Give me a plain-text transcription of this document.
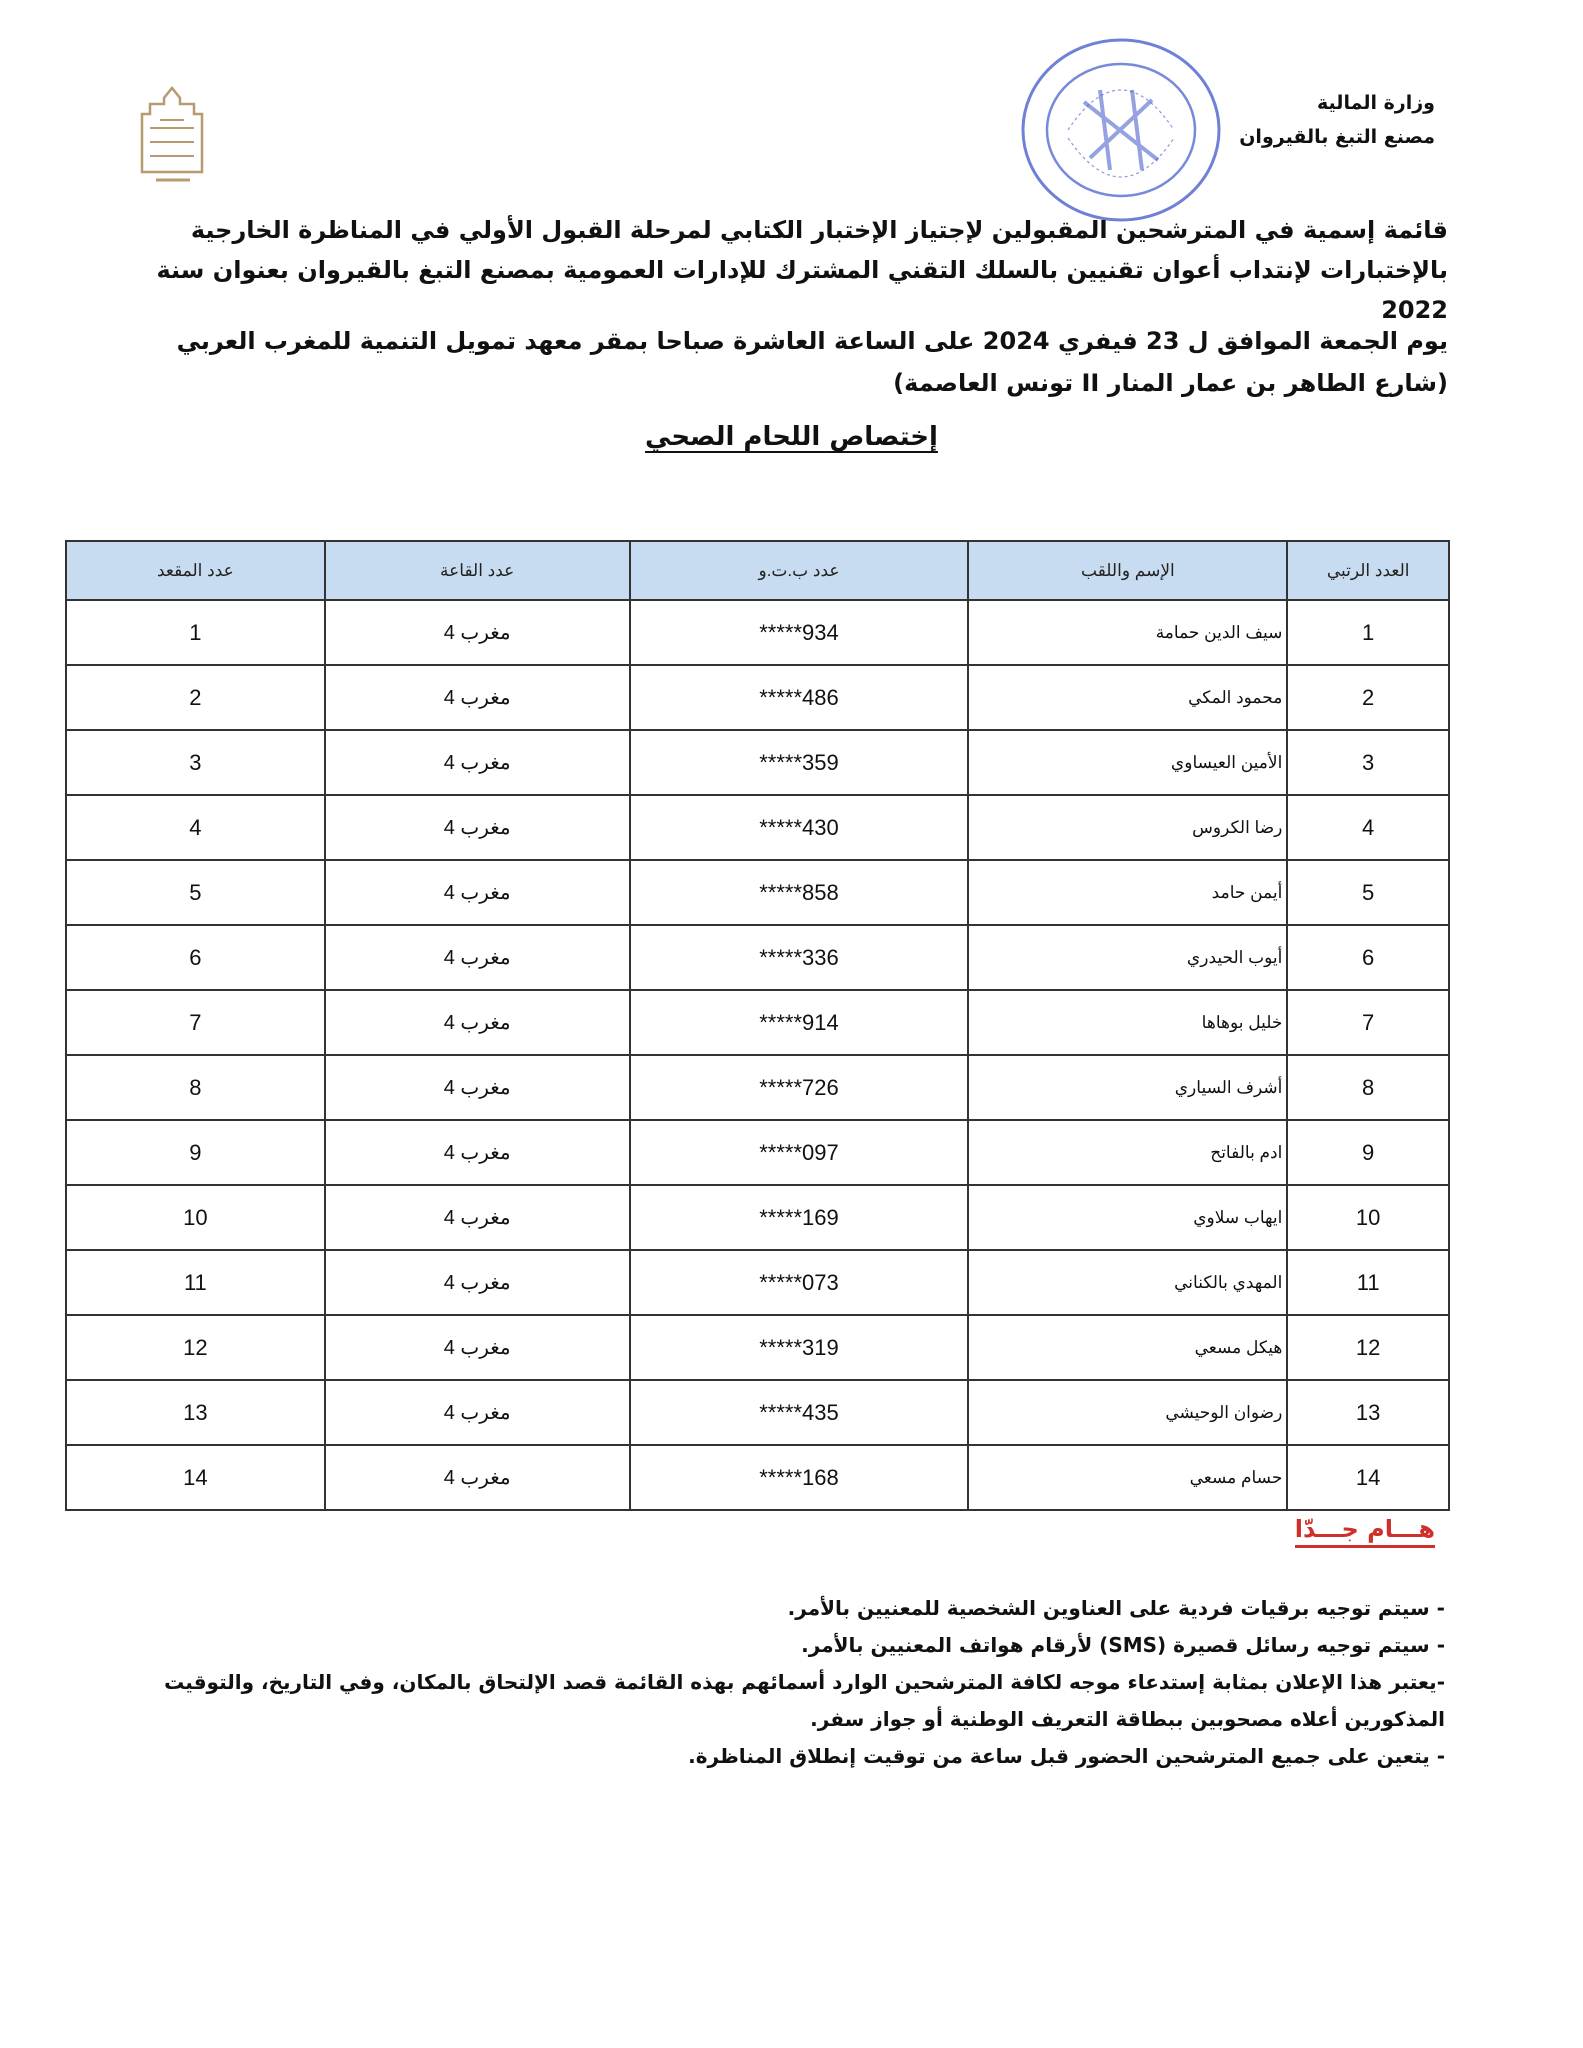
وزارة المالية
مصنع التبغ بالقيروان
قائمة إسمية في المترشحين المقبولين لإجتياز الإختبار الكتابي لمرحلة القبول الأولي في المناظرة الخارجية بالإختبارات لإنتداب أعوان تقنيين بالسلك التقني المشترك للإدارات العمومية بمصنع التبغ بالقيروان بعنوان سنة 2022
يوم الجمعة الموافق ل 23 فيفري 2024 على الساعة العاشرة صباحا بمقر معهد تمويل التنمية للمغرب العربي (شارع الطاهر بن عمار المنار II تونس العاصمة)
إختصاص اللحام الصحي
العدد الرتبي	الإسم واللقب	عدد ب.ت.و	عدد القاعة	عدد المقعد
1	سيف الدين حمامة	*****934	مغرب 4	1
2	محمود المكي	*****486	مغرب 4	2
3	الأمين العيساوي	*****359	مغرب 4	3
4	رضا الكروس	*****430	مغرب 4	4
5	أيمن حامد	*****858	مغرب 4	5
6	أيوب الحيدري	*****336	مغرب 4	6
7	خليل بوهاها	*****914	مغرب 4	7
8	أشرف السياري	*****726	مغرب 4	8
9	ادم بالفاتح	*****097	مغرب 4	9
10	ايهاب سلاوي	*****169	مغرب 4	10
11	المهدي بالكناني	*****073	مغرب 4	11
12	هيكل مسعي	*****319	مغرب 4	12
13	رضوان الوحيشي	*****435	مغرب 4	13
14	حسام مسعي	*****168	مغرب 4	14
هـــام جـــدّا
- سيتم توجيه برقيات فردية على العناوين الشخصية للمعنيين بالأمر.
- سيتم توجيه رسائل قصيرة (SMS) لأرقام هواتف المعنيين بالأمر.
-يعتبر هذا الإعلان بمثابة إستدعاء موجه لكافة المترشحين الوارد أسمائهم بهذه القائمة قصد الإلتحاق بالمكان، وفي التاريخ، والتوقيت المذكورين أعلاه مصحوبين ببطاقة التعريف الوطنية أو جواز سفر.
- يتعين على جميع المترشحين الحضور قبل ساعة من توقيت إنطلاق المناظرة.
